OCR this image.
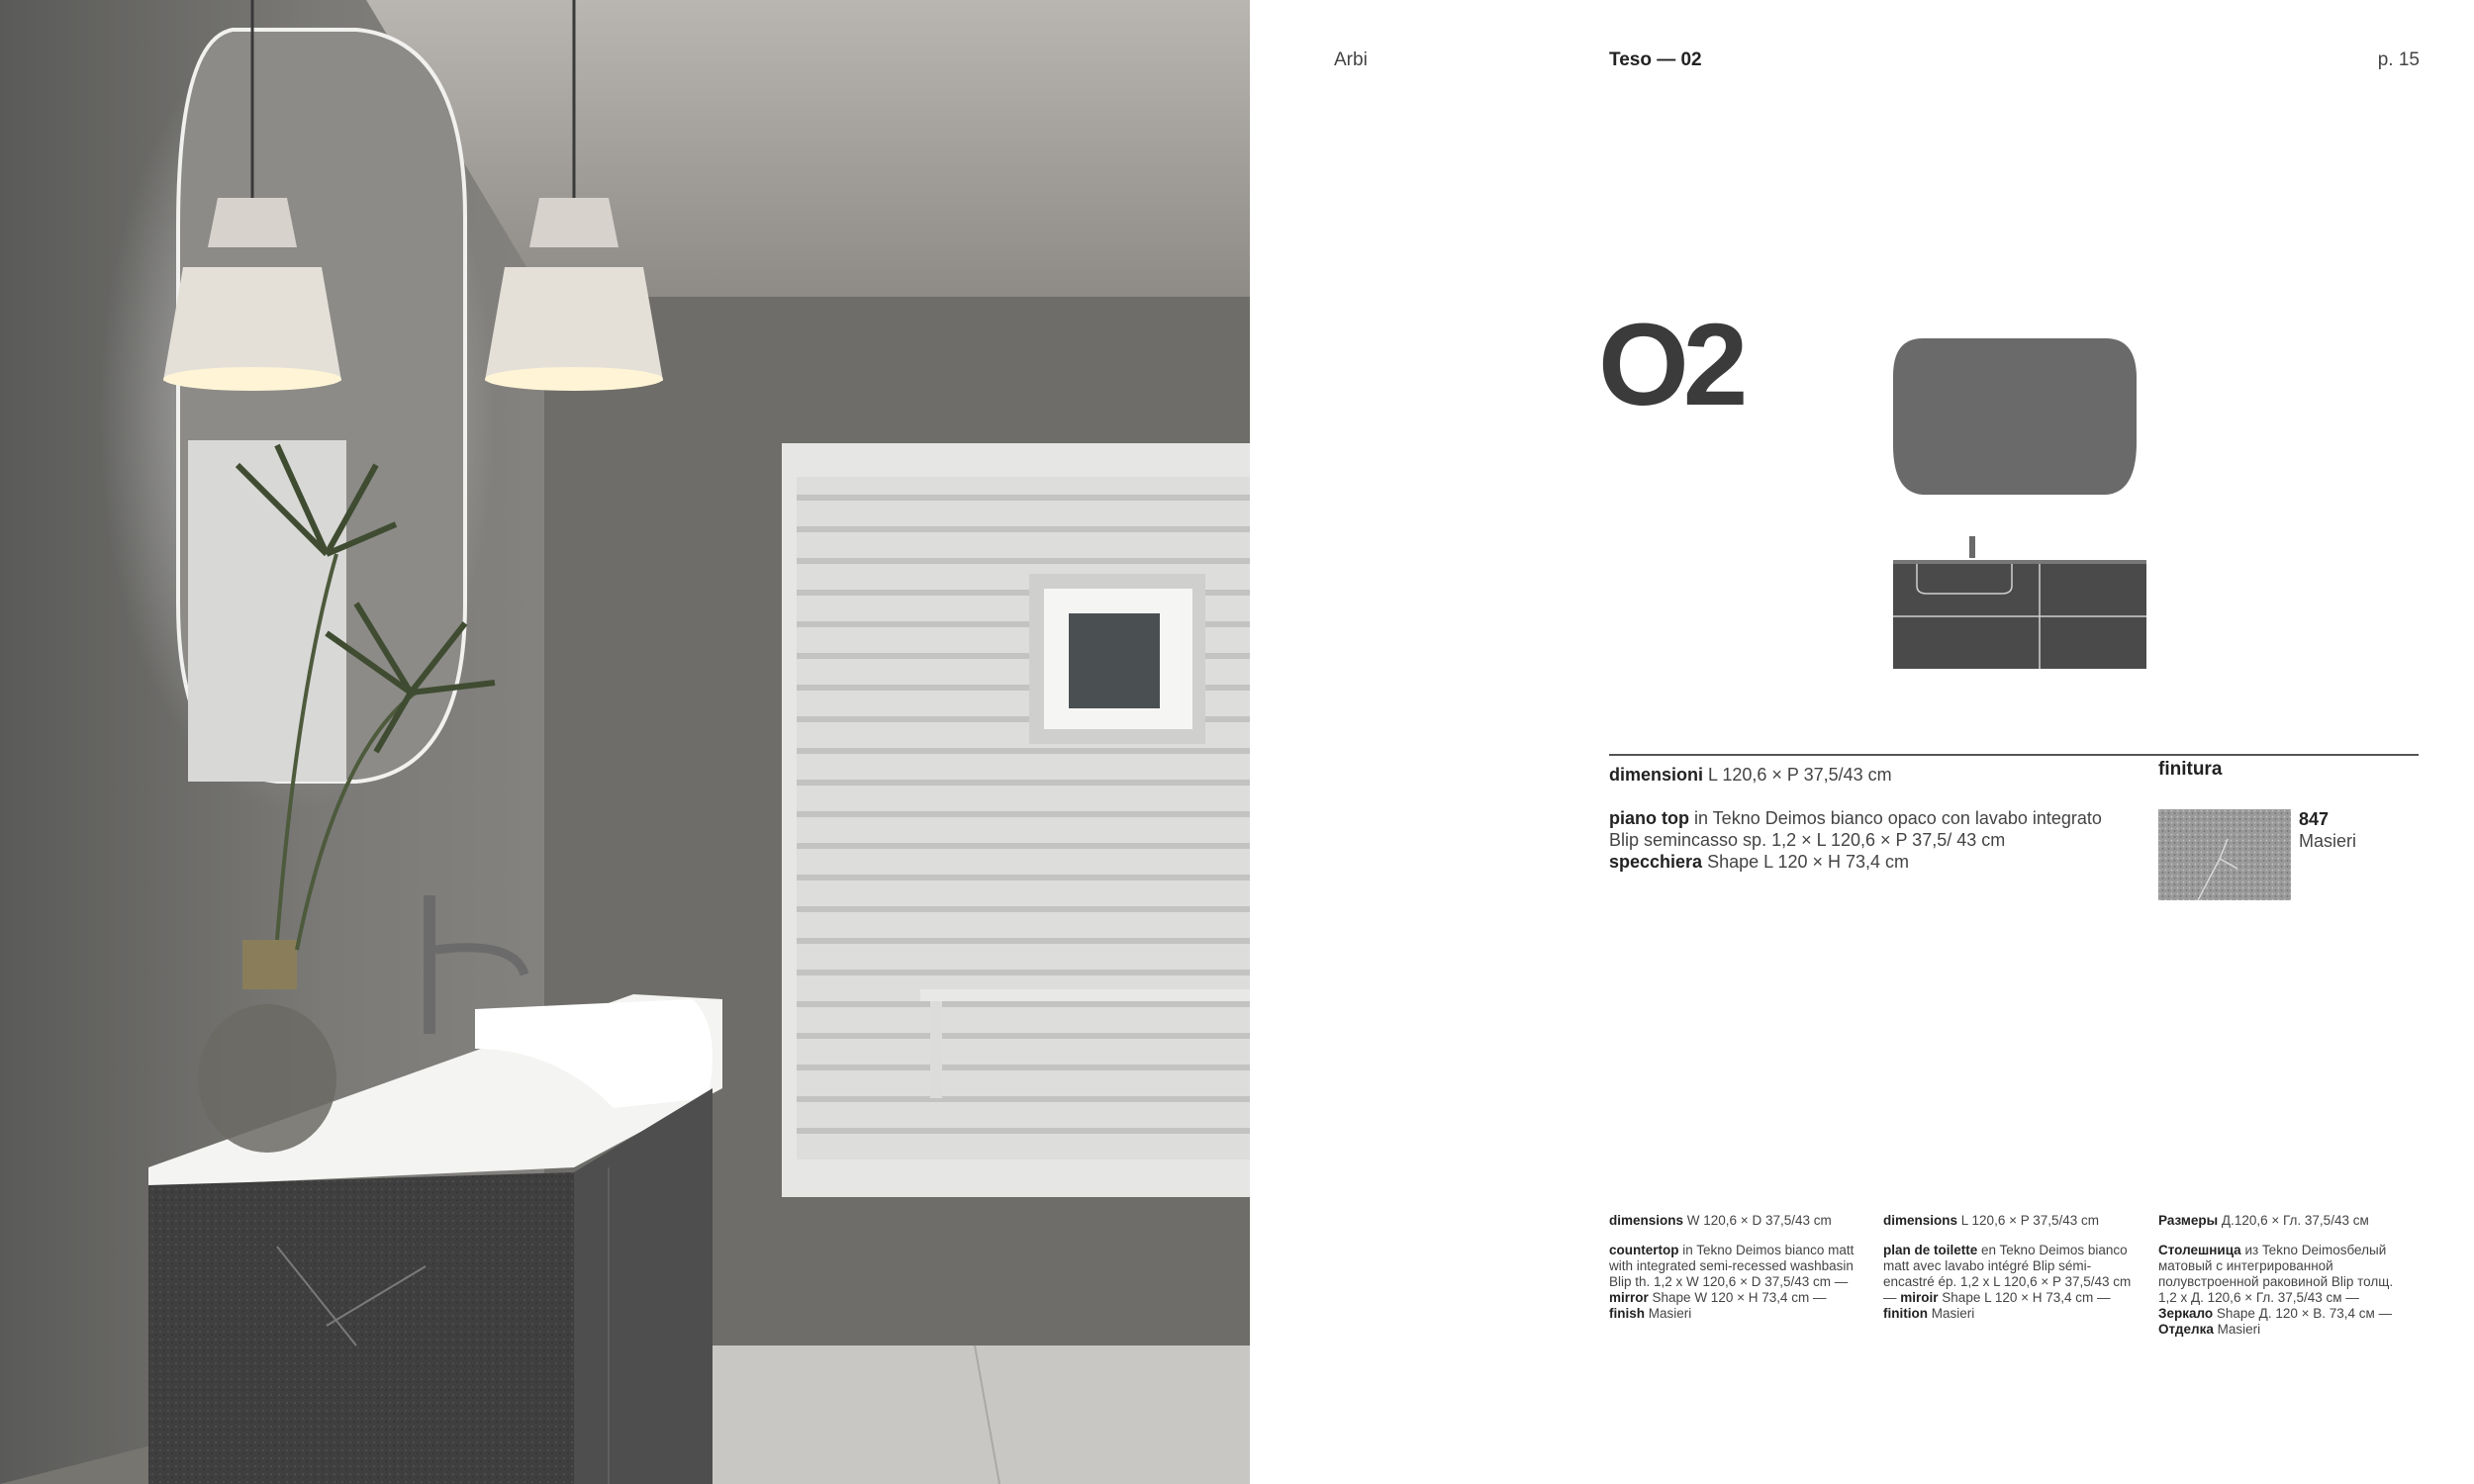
Arbi	Teso — 02	p. 15
O2
dimensioni L 120,6 × P 37,5/43 cm
piano top in Tekno Deimos bianco opaco con lavabo integrato Blip semincasso sp. 1,2 × L 120,6 × P 37,5/ 43 cm
specchiera Shape L 120 × H 73,4 cm
finitura
847
Masieri
dimensions W 120,6 × D 37,5/43 cm
countertop in Tekno Deimos bianco matt with integrated semi-recessed washbasin Blip th. 1,2 x W 120,6 × D 37,5/43 cm — mirror Shape W 120 × H 73,4 cm — finish Masieri
dimensions L 120,6 × P 37,5/43 cm
plan de toilette en Tekno Deimos bianco matt avec lavabo intégré Blip sémi-encastré ép. 1,2 x L 120,6 × P 37,5/43 cm — miroir Shape L 120 × H 73,4 cm — finition Masieri
Размеры Д.120,6 × Гл. 37,5/43 см
Столешница из Tekno Deimosбелый матовый с интегрированной полувстроенной раковиной Blip толщ. 1,2 x Д. 120,6 × Гл. 37,5/43 см — Зеркало Shape Д. 120 × В. 73,4 см — Отделка Masieri
